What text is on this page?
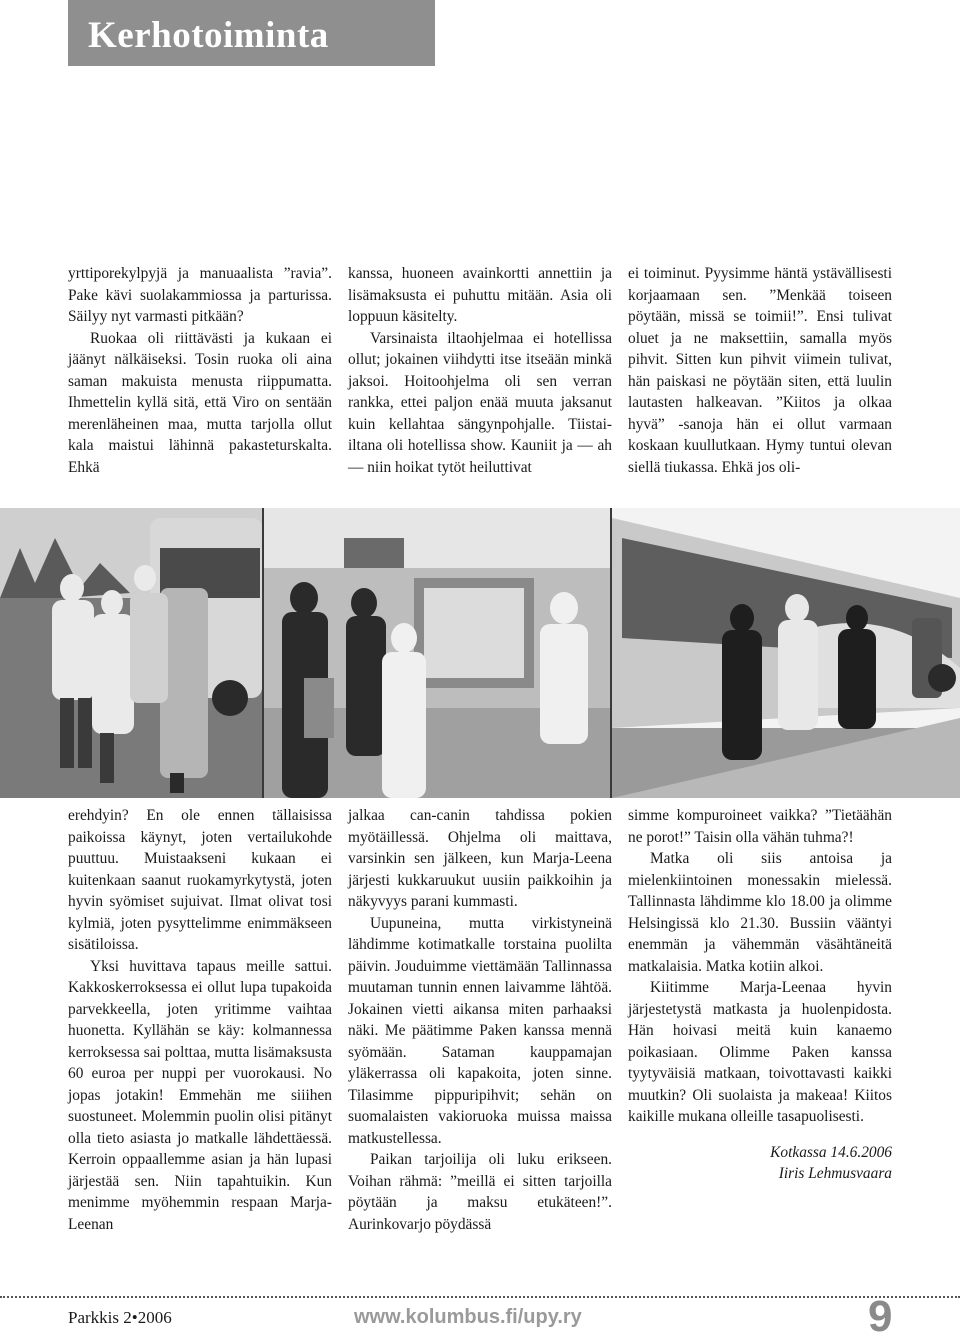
Kerhotoiminta

yrttiporekylpyjä ja manuaalista ”ravia”. Pake kävi suolakammiossa ja parturissa. Säilyy nyt varmasti pitkään?

Ruokaa oli riittävästi ja kukaan ei jäänyt nälkäiseksi. Tosin ruoka oli aina saman makuista menusta riippumatta. Ihmettelin kyllä sitä, että Viro on sentään merenläheinen maa, mutta tarjolla ollut kala maistui lähinnä pakasteturskalta. Ehkä

kanssa, huoneen avainkortti annettiin ja lisämaksusta ei puhuttu mitään. Asia oli loppuun käsitelty.

Varsinaista iltaohjelmaa ei hotellissa ollut; jokainen viihdytti itse itseään minkä jaksoi. Hoitoohjelma oli sen verran rankka, ettei paljon enää muuta jaksanut kuin kellahtaa sängynpohjalle. Tiistai-iltana oli hotellissa show. Kauniit ja — ah — niin hoikat tytöt heiluttivat

ei toiminut. Pyysimme häntä ystävällisesti korjaamaan sen. ”Menkää toiseen pöytään, missä se toimii!”. Ensi tulivat oluet ja ne maksettiin, samalla myös pihvit. Sitten kun pihvit viimein tulivat, hän paiskasi ne pöytään siten, että luulin lautasten halkeavan. ”Kiitos ja olkaa hyvä” -sanoja hän ei ollut varmaan koskaan kuullutkaan. Hymy tuntui olevan siellä tiukassa. Ehkä jos oli-

erehdyin? En ole ennen tällaisissa paikoissa käynyt, joten vertailukohde puuttuu. Muistaakseni kukaan ei kuitenkaan saanut ruokamyrkytystä, joten hyvin syömiset sujuivat. Ilmat olivat tosi kylmiä, joten pysyttelimme enimmäkseen sisätiloissa.

Yksi huvittava tapaus meille sattui. Kakkoskerroksessa ei ollut lupa tupakoida parvekkeella, joten yritimme vaihtaa huonetta. Kyllähän se käy: kolmannessa kerroksessa sai polttaa, mutta lisämaksusta 60 euroa per nuppi per vuorokausi. No jopas jotakin! Emmehän me siiihen suostuneet. Molemmin puolin olisi pitänyt olla tieto asiasta jo matkalle lähdettäessä. Kerroin oppaallemme asian ja hän lupasi järjestää sen. Niin tapahtuikin. Kun menimme myöhemmin respaan Marja-Leenan

jalkaa can-canin tahdissa pokien myötäillessä. Ohjelma oli maittava, varsinkin sen jälkeen, kun Marja-Leena järjesti kukkaruukut uusiin paikkoihin ja näkyvyys parani kummasti.

Uupuneina, mutta virkistyneinä lähdimme kotimatkalle torstaina puolilta päivin. Jouduimme viettämään Tallinnassa muutaman tunnin ennen laivamme lähtöä. Jokainen vietti aikansa miten parhaaksi näki. Me päätimme Paken kanssa mennä syömään. Sataman kauppamajan yläkerrassa oli kapakoita, joten sinne. Tilasimme pippuripihvit; sehän on suomalaisten vakioruoka muissa maissa matkustellessa.

Paikan tarjoilija oli luku erikseen. Voihan rähmä: ”meillä ei sitten tarjoilla pöytään ja maksu etukäteen!”. Aurinkovarjo pöydässä

simme kompuroineet vaikka? ”Tietäähän ne porot!” Taisin olla vähän tuhma?!

Matka oli siis antoisa ja mielenkiintoinen monessakin mielessä. Tallinnasta lähdimme klo 18.00 ja olimme Helsingissä klo 21.30. Bussiin vääntyi enemmän ja vähemmän väsähtäneitä matkalaisia. Matka kotiin alkoi.

Kiitimme Marja-Leenaa hyvin järjestetystä matkasta ja huolenpidosta. Hän hoivasi meitä kuin kanaemo poikasiaan. Olimme Paken kanssa tyytyväisiä matkaan, toivottavasti kaikki muutkin? Oli suolaista ja makeaa! Kiitos kaikille mukana olleille tasapuolisesti.

Kotkassa 14.6.2006
Iiris Lehmusvaara
Parkkis 2•2006	www.kolumbus.fi/upy.ry	9
